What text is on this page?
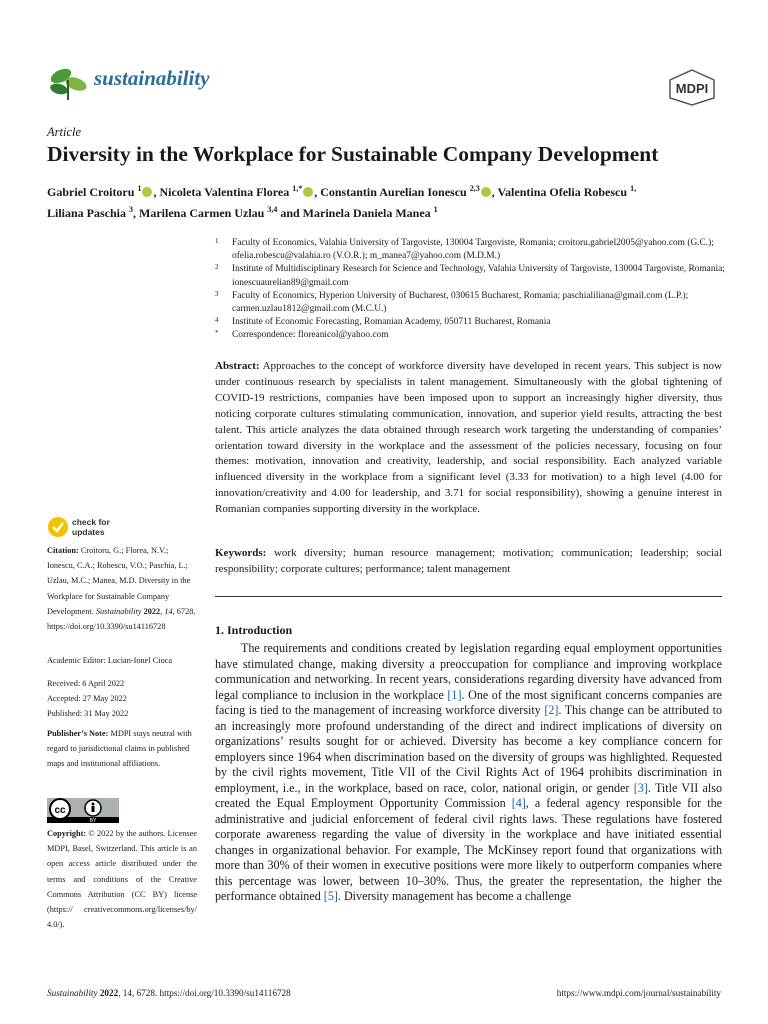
sustainability	MDPI
Article
Diversity in the Workplace for Sustainable Company Development
Gabriel Croitoru $^1$ , Nicoleta Valentina Florea $^{1,*}$ , Constantin Aurelian Ionescu $^{2,3}$ , Valentina Ofelia Robescu $^{1,}$
Liliana Paschia $^3$, Marilena Carmen Uzlau $^{3,4}$ and Marinela Daniela Manea $^1$
1 Faculty of Economics, Valahia University of Targoviste, 130004 Targoviste, Romania; croitoru.gabriel2005@yahoo.com (G.C.); ofelia.robescu@valahia.ro (V.O.R.); m_manea7@yahoo.com (M.D.M.)
2 Institute of Multidisciplinary Research for Science and Technology, Valahia University of Targoviste, 130004 Targoviste, Romania; ionescuaurelian89@gmail.com
3 Faculty of Economics, Hyperion University of Bucharest, 030615 Bucharest, Romania; paschialiliana@gmail.com (L.P.); carmen.uzlau1812@gmail.com (M.C.U.)
4 Institute of Economic Forecasting, Romanian Academy, 050711 Bucharest, Romania
* Correspondence: floreanicol@yahoo.com
Abstract: Approaches to the concept of workforce diversity have developed in recent years. This subject is now under continuous research by specialists in talent management. Simultaneously with the global tightening of COVID-19 restrictions, companies have been imposed upon to support an increasingly higher diversity, thus noticing corporate cultures stimulating communication, innovation, and superior yield results, attracting the best talent. This article analyzes the data obtained through research work targeting the understanding of companies’ orientation toward diversity in the workplace and the assessment of the policies necessary, focusing on four themes: motivation, innovation and creativity, leadership, and social responsibility. Each analyzed variable influenced diversity in the workplace from a significant level (3.33 for motivation) to a high level (4.00 for innovation/creativity and 4.00 for leadership, and 3.71 for social responsibility), showing a genuine interest in Romanian companies supporting diversity in the workplace.
Keywords: work diversity; human resource management; motivation; communication; leadership; social responsibility; corporate cultures; performance; talent management
1. Introduction
The requirements and conditions created by legislation regarding equal employment opportunities have stimulated change, making diversity a preoccupation for compliance and improving workplace communication and networking. In recent years, considerations regarding diversity have advanced from legal compliance to inclusion in the workplace [1]. One of the most significant concerns companies are facing is tied to the management of increasing workforce diversity [2]. This change can be attributed to an increasingly more profound understanding of the direct and indirect implications of diversity on organizations’ results sought for or achieved. Diversity has become a key compliance concern for employers since 1964 when discrimination based on the diversity of groups was highlighted. Requested by the civil rights movement, Title VII of the Civil Rights Act of 1964 prohibits discrimination in employment, i.e., in the workplace, based on race, color, national origin, or gender [3]. Title VII also created the Equal Employment Opportunity Commission [4], a federal agency responsible for the administrative and judicial enforcement of federal civil rights laws. These regulations have fostered corporate awareness regarding the value of diversity in the workplace and have initiated essential changes in organizational behavior. For example, The McKinsey report found that organizations with more than 30% of their women in executive positions were more likely to outperform companies where this percentage was lower, between 10–30%. Thus, the greater the representation, the higher the performance obtained [5]. Diversity management has become a challenge
check for
updates
Citation: Croitoru, G.; Florea, N.V.; Ionescu, C.A.; Robescu, V.O.; Paschia, L.; Uzlau, M.C.; Manea, M.D. Diversity in the Workplace for Sustainable Company Development. Sustainability 2022, 14, 6728. https://doi.org/10.3390/su14116728
Academic Editor: Lucian-Ionel Cioca
Received: 6 April 2022
Accepted: 27 May 2022
Published: 31 May 2022
Publisher’s Note: MDPI stays neutral with regard to jurisdictional claims in published maps and institutional affiliations.
cc
BY
Copyright: © 2022 by the authors. Licensee MDPI, Basel, Switzerland. This article is an open access article distributed under the terms and conditions of the Creative Commons Attribution (CC BY) license (https:// creativecommons.org/licenses/by/ 4.0/).
Sustainability 2022, 14, 6728. https://doi.org/10.3390/su14116728	https://www.mdpi.com/journal/sustainability
